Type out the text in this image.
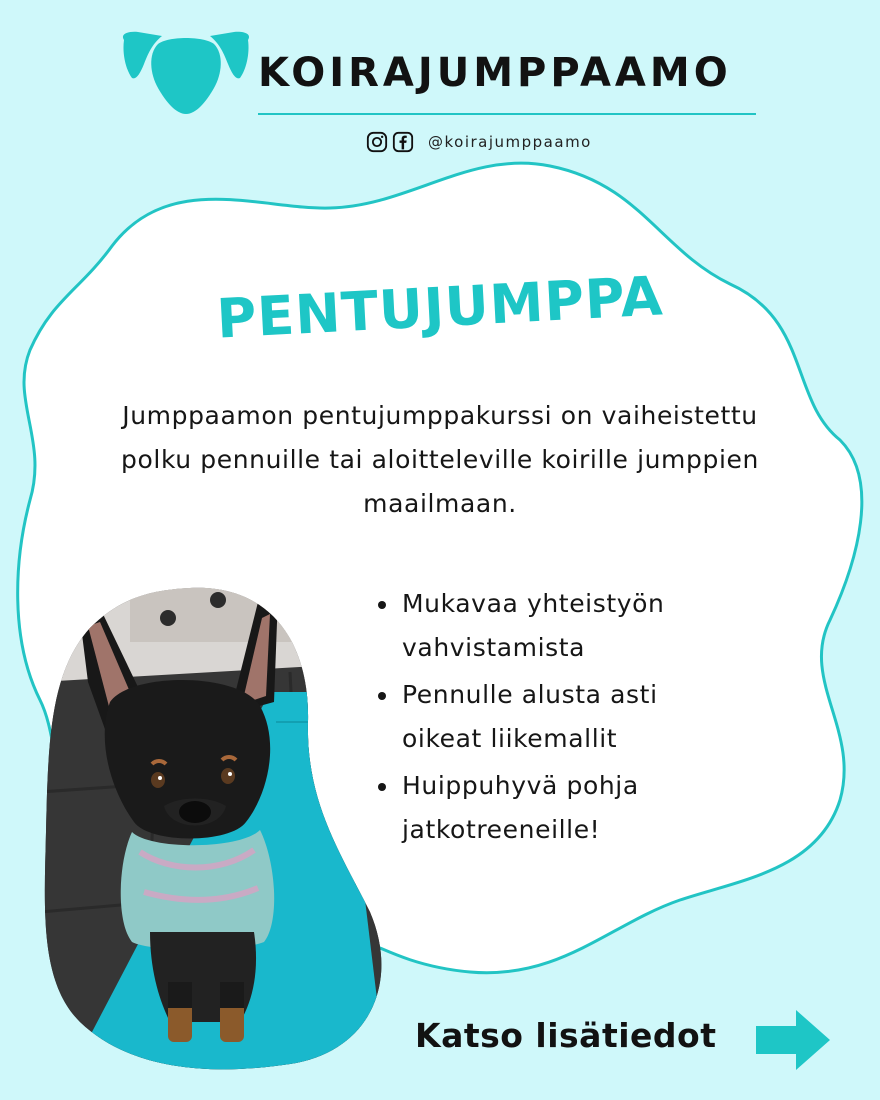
KOIRAJUMPPAAMO
@koirajumppaamo
PENTUJUMPPA

Jumppaamon pentujumppakurssi on vaiheistettu polku pennuille tai aloitteleville koirille jumppien maailmaan.

Mukavaa yhteistyön
vahvistamista
Pennulle alusta asti
oikeat liikemallit
Huippuhyvä pohja
jatkotreeneille!
Katso lisätiedot
